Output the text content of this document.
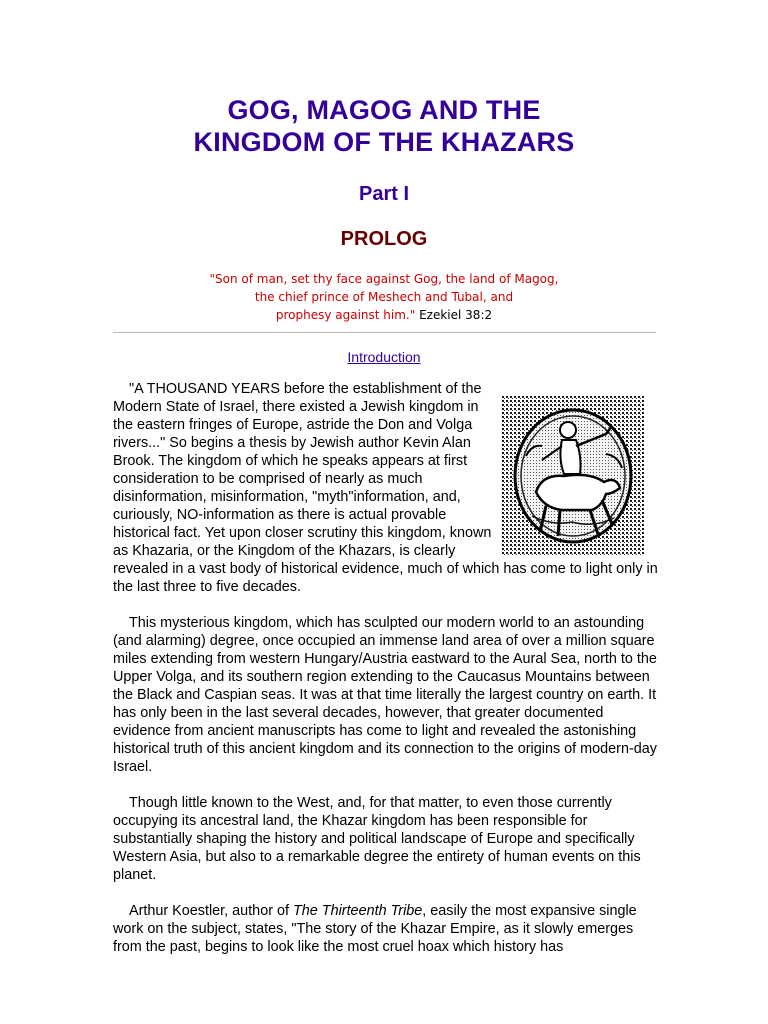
GOG, MAGOG AND THE
KINGDOM OF THE KHAZARS
Part I
PROLOG
"Son of man, set thy face against Gog, the land of Magog,
the chief prince of Meshech and Tubal, and
prophesy against him." Ezekiel 38:2
Introduction

"A THOUSAND YEARS before the establishment of the Modern State of Israel, there existed a Jewish kingdom in the eastern fringes of Europe, astride the Don and Volga rivers..." So begins a thesis by Jewish author Kevin Alan Brook. The kingdom of which he speaks appears at first consideration to be comprised of nearly as much disinformation, misinformation, "myth"information, and, curiously, NO-information as there is actual provable historical fact. Yet upon closer scrutiny this kingdom, known as Khazaria, or the Kingdom of the Khazars, is clearly revealed in a vast body of historical evidence, much of which has come to light only in the last three to five decades.

This mysterious kingdom, which has sculpted our modern world to an astounding (and alarming) degree, once occupied an immense land area of over a million square miles extending from western Hungary/Austria eastward to the Aural Sea, north to the Upper Volga, and its southern region extending to the Caucasus Mountains between the Black and Caspian seas. It was at that time literally the largest country on earth. It has only been in the last several decades, however, that greater documented evidence from ancient manuscripts has come to light and revealed the astonishing historical truth of this ancient kingdom and its connection to the origins of modern-day Israel.

Though little known to the West, and, for that matter, to even those currently occupying its ancestral land, the Khazar kingdom has been responsible for substantially shaping the history and political landscape of Europe and specifically Western Asia, but also to a remarkable degree the entirety of human events on this planet.

Arthur Koestler, author of The Thirteenth Tribe, easily the most expansive single work on the subject, states, "The story of the Khazar Empire, as it slowly emerges from the past, begins to look like the most cruel hoax which history has
